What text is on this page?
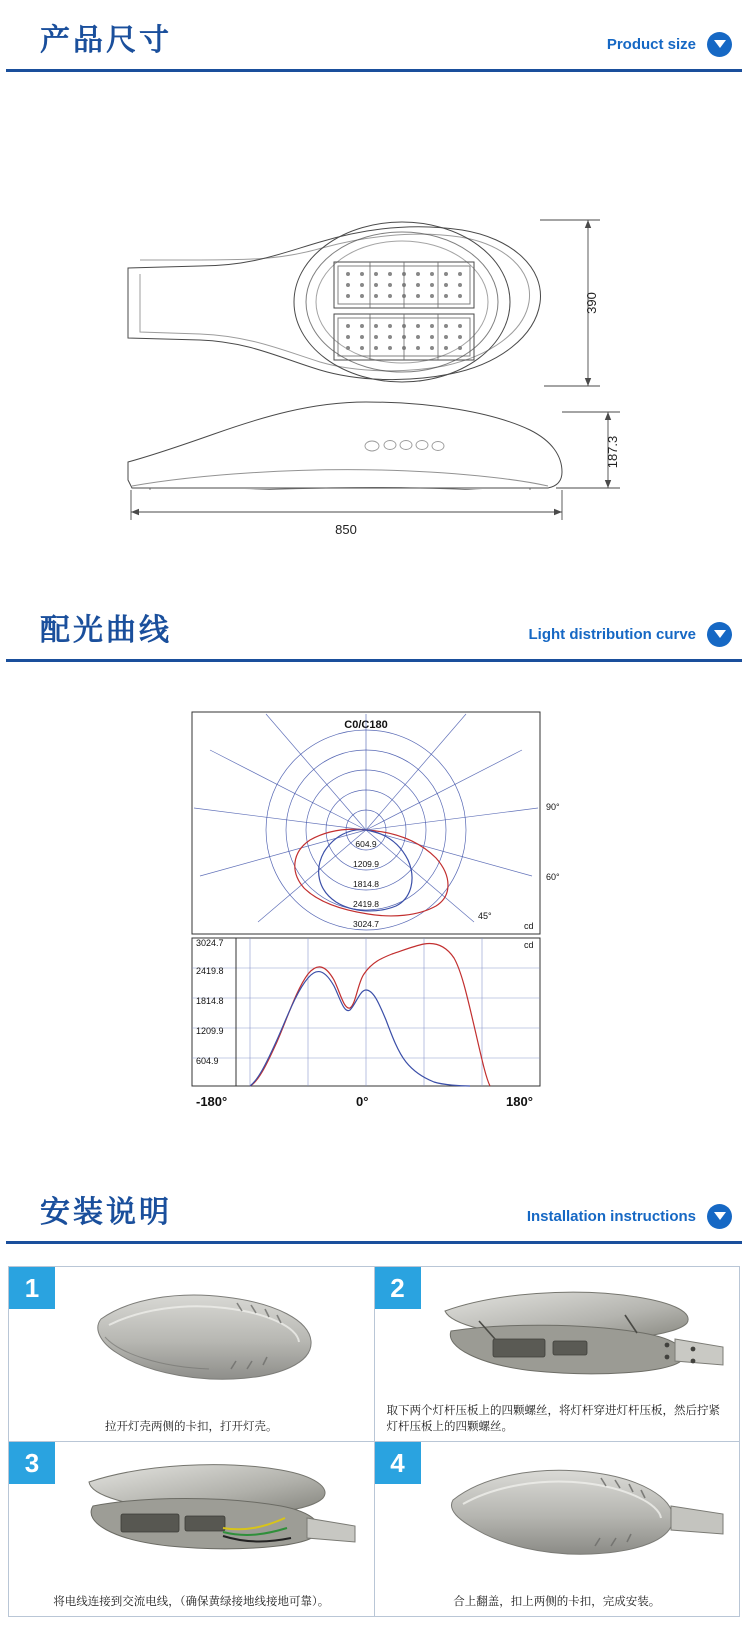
产品尺寸	Product size
390
187.3
850
配光曲线	Light distribution curve
C0/C180
604.9
1209.9
1814.8
2419.8
3024.7
90°
60°
45°
cd
3024.7
2419.8
1814.8
1209.9
604.9
cd
-180°	0°	180°
安装说明	Installation instructions
1
拉开灯壳两侧的卡扣，打开灯壳。
2
取下两个灯杆压板上的四颗螺丝，将灯杆穿进灯杆压板，然后拧紧灯杆压板上的四颗螺丝。
3
将电线连接到交流电线，（确保黄绿接地线接地可靠）。
4
合上翻盖，扣上两侧的卡扣，完成安装。
